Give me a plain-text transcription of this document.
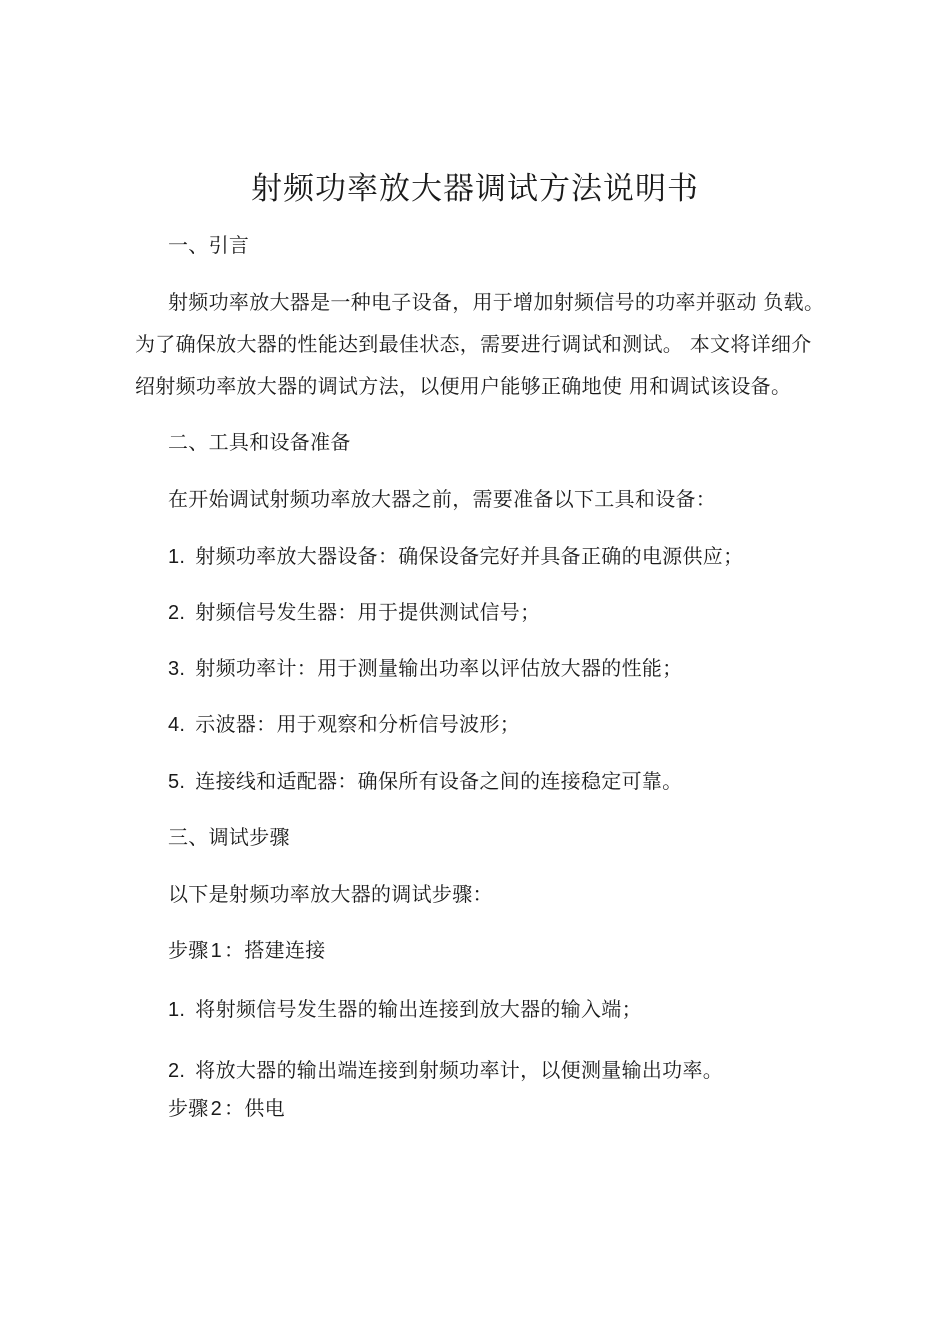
射频功率放大器调试方法说明书
一、引言
射频功率放大器是一种电子设备，用于增加射频信号的功率并驱动 负载。
为了确保放大器的性能达到最佳状态，需要进行调试和测试。 本文将详细介
绍射频功率放大器的调试方法，以便用户能够正确地使 用和调试该设备。
二、工具和设备准备
在开始调试射频功率放大器之前，需要准备以下工具和设备：
1. 射频功率放大器设备：确保设备完好并具备正确的电源供应；
2. 射频信号发生器：用于提供测试信号；
3. 射频功率计：用于测量输出功率以评估放大器的性能；
4. 示波器：用于观察和分析信号波形；
5. 连接线和适配器：确保所有设备之间的连接稳定可靠。
三、调试步骤
以下是射频功率放大器的调试步骤：
步骤 1 ：搭建连接
1. 将射频信号发生器的输出连接到放大器的输入端；
2. 将放大器的输出端连接到射频功率计，以便测量输出功率。
步骤 2 ：供电
